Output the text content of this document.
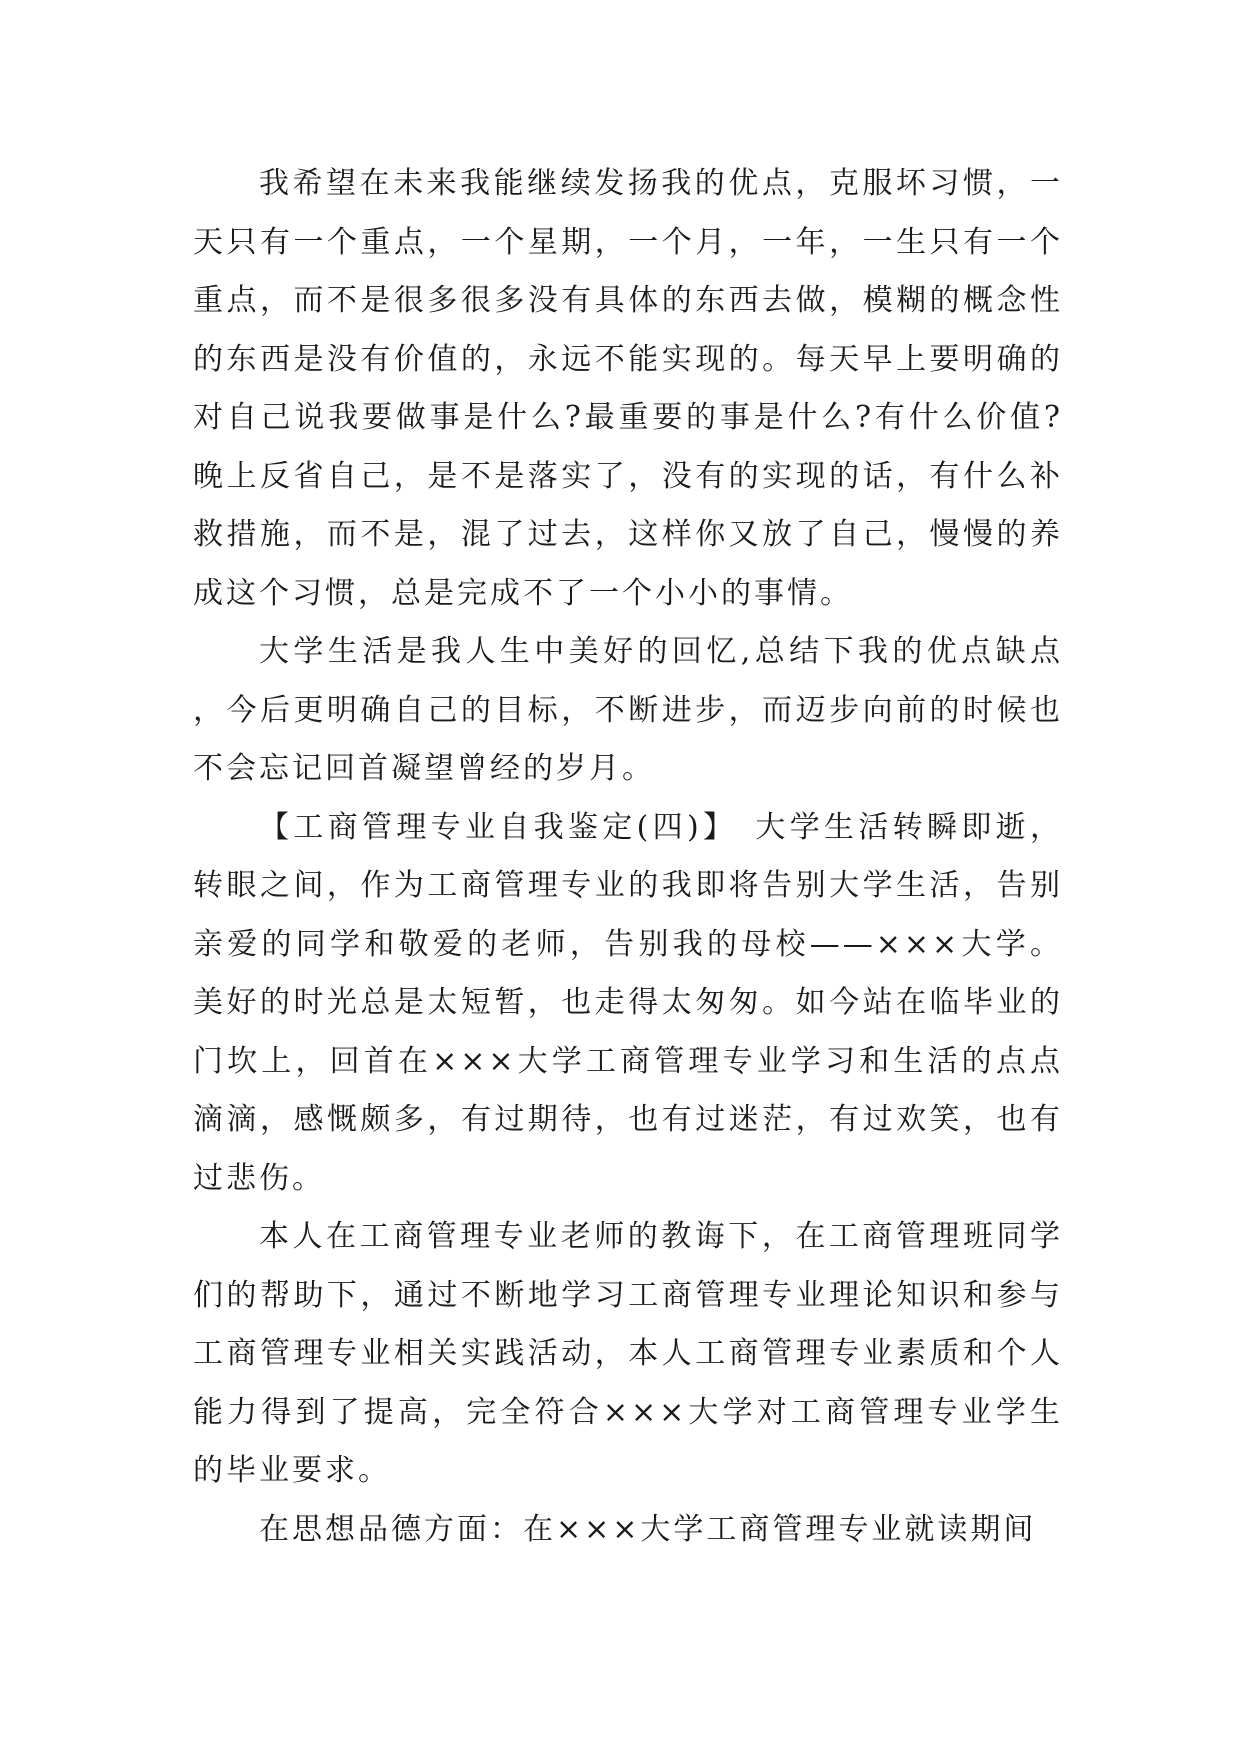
我希望在未来我能继续发扬我的优点，克服坏习惯，一天只有一个重点，一个星期，一个月，一年，一生只有一个重点，而不是很多很多没有具体的东西去做，模糊的概念性的东西是没有价值的，永远不能实现的。每天早上要明确的对自己说我要做事是什么?最重要的事是什么?有什么价值?晚上反省自己，是不是落实了，没有的实现的话，有什么补救措施，而不是，混了过去，这样你又放了自己，慢慢的养成这个习惯，总是完成不了一个小小的事情。

大学生活是我人生中美好的回忆,总结下我的优点缺点，今后更明确自己的目标，不断进步，而迈步向前的时候也不会忘记回首凝望曾经的岁月。

【工商管理专业自我鉴定(四)】 大学生活转瞬即逝，转眼之间，作为工商管理专业的我即将告别大学生活，告别亲爱的同学和敬爱的老师，告别我的母校——×××大学。美好的时光总是太短暂，也走得太匆匆。如今站在临毕业的门坎上，回首在×××大学工商管理专业学习和生活的点点滴滴，感慨颇多，有过期待，也有过迷茫，有过欢笑，也有过悲伤。

本人在工商管理专业老师的教诲下，在工商管理班同学们的帮助下，通过不断地学习工商管理专业理论知识和参与工商管理专业相关实践活动，本人工商管理专业素质和个人能力得到了提高，完全符合×××大学对工商管理专业学生的毕业要求。

在思想品德方面：在×××大学工商管理专业就读期间
